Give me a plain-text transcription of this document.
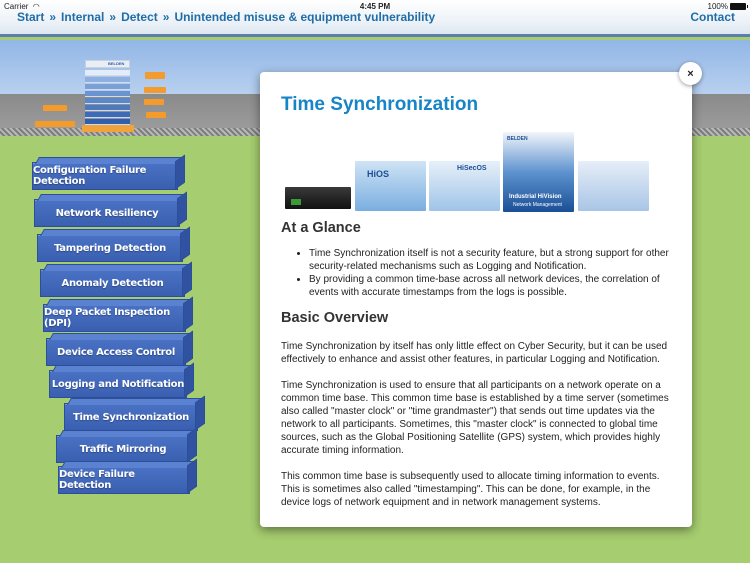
Carrier ◠	4:45 PM	100%
Start » Internal » Detect » Unintended misuse & equipment vulnerability	Contact
BELDEN
Configuration Failure Detection
Network Resiliency
Tampering Detection
Anomaly Detection
Deep Packet Inspection (DPI)
Device Access Control
Logging and Notification
Time Synchronization
Traffic Mirroring
Device Failure Detection
Time Synchronization
HiOS
HiSecOS
BELDEN
Industrial HiVision
Network Management
At a Glance
• Time Synchronization itself is not a security feature, but a strong support for other security-related mechanisms such as Logging and Notification.
• By providing a common time-base across all network devices, the correlation of events with accurate timestamps from the logs is possible.
Basic Overview

Time Synchronization by itself has only little effect on Cyber Security, but it can be used effectively to enhance and assist other features, in particular Logging and Notification.

Time Synchronization is used to ensure that all participants on a network operate on a common time base. This common time base is established by a time server (sometimes also called "master clock" or "time grandmaster") that sends out time updates via the network to all participants. Sometimes, this "master clock" is connected to global time sources, such as the Global Positioning Satellite (GPS) system, which provides highly accurate timing information.

This common time base is subsequently used to allocate timing information to events. This is sometimes also called "timestamping". This can be done, for example, in the device logs of network equipment and in network management systems.

×
